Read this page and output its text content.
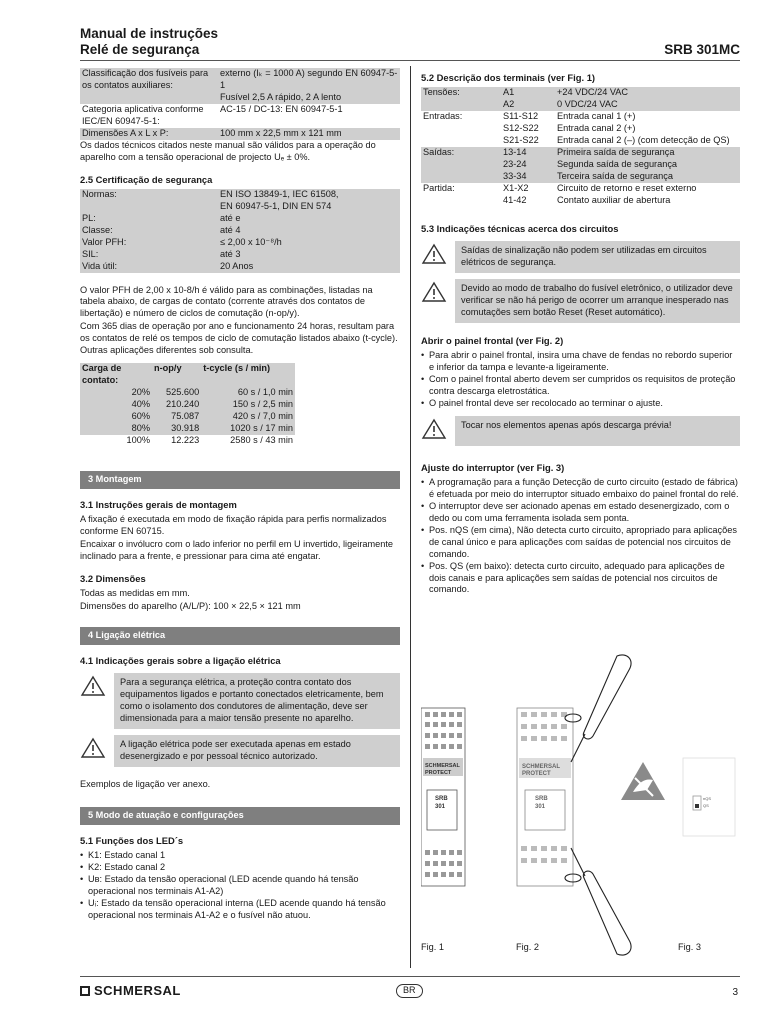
Manual de instruções
Relé de segurança	SRB 301MC
Classificação dos fusíveis para os contatos auxiliares:	externo (Iₖ = 1000 A) segundo EN 60947-5-1
Fusível 2,5 A rápido, 2 A lento
Categoria aplicativa conforme IEC/EN 60947-5-1:	AC-15 / DC-13: EN 60947-5-1
Dimensões A x L x P:	100 mm x 22,5 mm x 121 mm

Os dados técnicos citados neste manual são válidos para a operação do aparelho com a tensão operacional de projecto Uₑ ± 0%.

2.5 Certificação de segurança
Normas:	EN ISO 13849-1, IEC 61508,
EN 60947-5-1, DIN EN 574
PL:	até e
Classe:	até 4
Valor PFH:	≤ 2,00 x 10⁻⁸/h
SIL:	até 3
Vida útil:	20 Anos

O valor PFH de 2,00 x 10-8/h é válido para as combinações, listadas na tabela abaixo, de cargas de contato (corrente através dos contatos de libertação) e número de ciclos de comutação (n-op/y).

Com 365 dias de operação por ano e funcionamento 24 horas, resultam para os contatos de relé os tempos de ciclo de comutação listados abaixo (t-cycle). Outras aplicações diferentes sob consulta.

Carga de contato:	n-op/y	t-cycle (s / min)
20%	525.600	60 s / 1,0 min
40%	210.240	150 s / 2,5 min
60%	75.087	420 s / 7,0 min
80%	30.918	1020 s / 17 min
100%	12.223	2580 s / 43 min
3 Montagem
3.1 Instruções gerais de montagem

A fixação é executada em modo de fixação rápida para perfis normalizados conforme EN 60715.

Encaixar o invólucro com o lado inferior no perfil em U invertido, ligeiramente inclinado para a frente, e pressionar para cima até engatar.

3.2 Dimensões

Todas as medidas em mm.

Dimensões do aparelho (A/L/P): 100 × 22,5 × 121 mm

4 Ligação elétrica
4.1 Indicações gerais sobre a ligação elétrica
Para a segurança elétrica, a proteção contra contato dos equipamentos ligados e portanto conectados eletricamente, bem como o isolamento dos condutores de alimentação, deve ser dimensionada para a maior tensão presente no aparelho.
A ligação elétrica pode ser executada apenas em estado desenergizado e por pessoal técnico autorizado.

Exemplos de ligação ver anexo.

5 Modo de atuação e configurações
5.1 Funções dos LED´s
• K1: Estado canal 1
• K2: Estado canal 2
• Uʙ: Estado da tensão operacional (LED acende quando há tensão operacional nos terminais A1-A2)
• Uᵢ: Estado da tensão operacional interna (LED acende quando há tensão operacional nos terminais A1-A2 e o fusível não atuou.
5.2 Descrição dos terminais (ver Fig. 1)
Tensões:	A1	+24 VDC/24 VAC
	A2	0 VDC/24 VAC
Entradas:	S11-S12	Entrada canal 1 (+)
	S12-S22	Entrada canal 2 (+)
	S21-S22	Entrada canal 2 (–) (com detecção de QS)
Saídas:	13-14	Primeira saída de segurança
	23-24	Segunda saída de segurança
	33-34	Terceira saída de segurança
Partida:	X1-X2	Circuito de retorno e reset externo
	41-42	Contato auxiliar de abertura
5.3 Indicações técnicas acerca dos circuitos
Saídas de sinalização não podem ser utilizadas em circuitos elétricos de segurança.
Devido ao modo de trabalho do fusível eletrônico, o utilizador deve verificar se não há perigo de ocorrer um arranque inesperado nas comutações sem botão Reset (Reset automático).
Abrir o painel frontal (ver Fig. 2)
• Para abrir o painel frontal, insira uma chave de fendas no rebordo superior e inferior da tampa e levante-a ligeiramente.
• Com o painel frontal aberto devem ser cumpridos os requisitos de proteção contra descarga eletrostática.
• O painel frontal deve ser recolocado ao terminar o ajuste.
Tocar nos elementos apenas após descarga prévia!
Ajuste do interruptor (ver Fig. 3)
• A programação para a função Detecção de curto circuito (estado de fábrica) é efetuada por meio do interruptor situado embaixo do painel frontal do relé.
• O interruptor deve ser acionado apenas em estado desenergizado, com o dedo ou com uma ferramenta isolada sem ponta.
• Pos. nQS (em cima), Não detecta curto circuito, apropriado para aplicações de canal único e para aplicações com saídas de potencial nos circuitos de comando.
• Pos. QS (em baixo): detecta curto circuito, adequado para aplicações de dois canais e para aplicações sem saídas de potencial nos circuitos de comando.
SCHMERSAL
PROTECT
SRB
301
SCHMERSAL
PROTECT
SRB
301
nQS
QS
Fig. 1	Fig. 2	Fig. 3
SCHMERSAL	BR	3
